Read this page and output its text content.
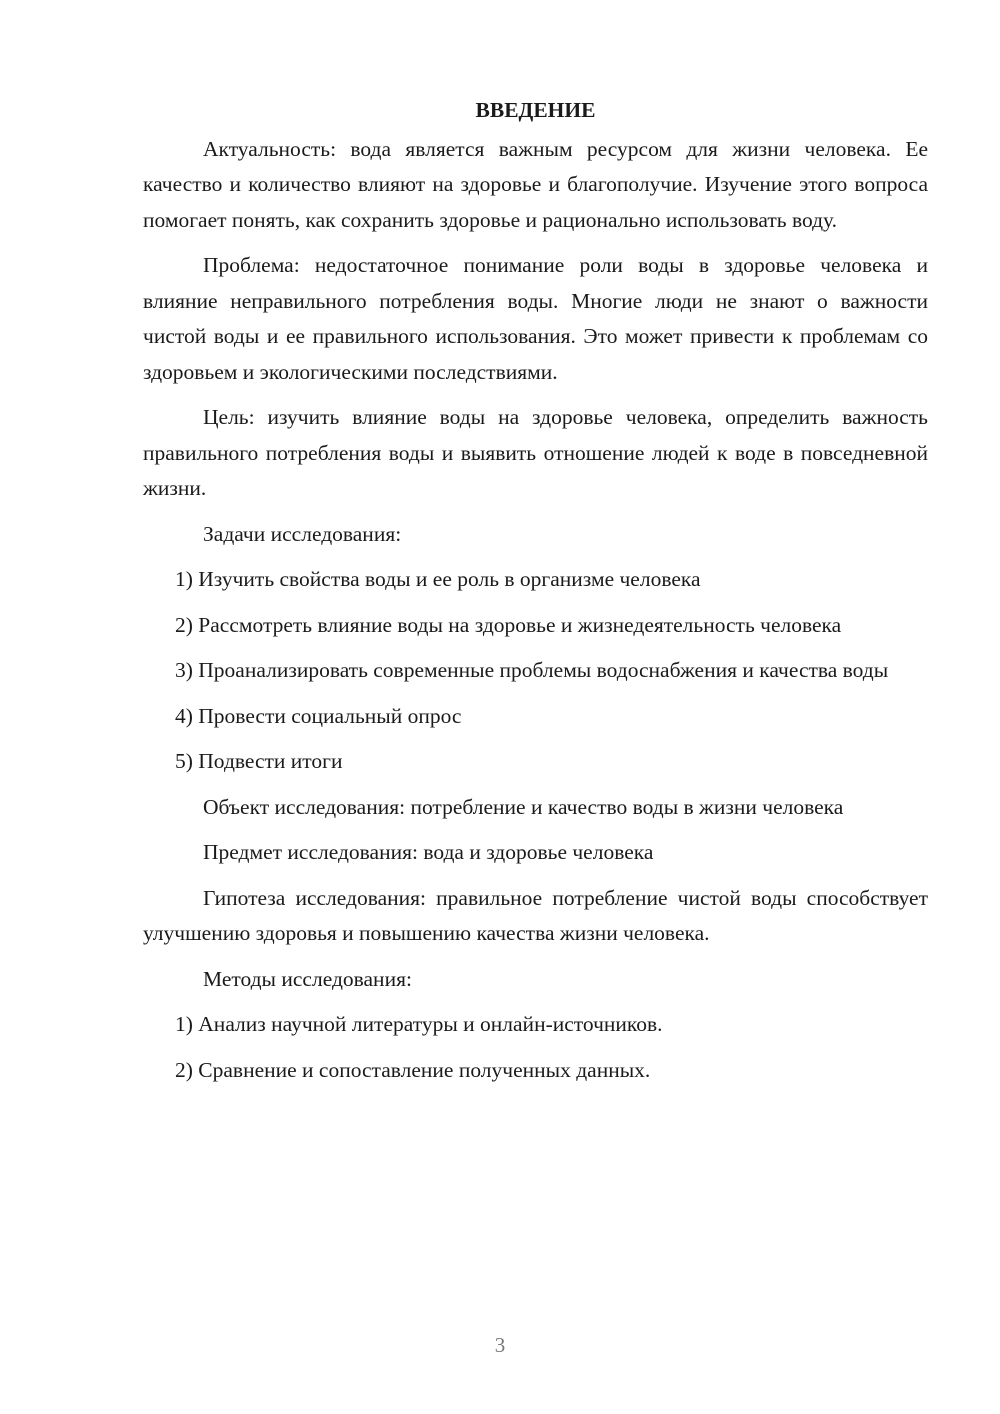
ВВЕДЕНИЕ

Актуальность: вода является важным ресурсом для жизни человека. Ее качество и количество влияют на здоровье и благополучие. Изучение этого вопроса помогает понять, как сохранить здоровье и рационально использовать воду.

Проблема: недостаточное понимание роли воды в здоровье человека и влияние неправильного потребления воды. Многие люди не знают о важности чистой воды и ее правильного использования. Это может привести к проблемам со здоровьем и экологическими последствиями.

Цель: изучить влияние воды на здоровье человека, определить важность правильного потребления воды и выявить отношение людей к воде в повседневной жизни.

Задачи исследования:

1) Изучить свойства воды и ее роль в организме человека

2) Рассмотреть влияние воды на здоровье и жизнедеятельность человека

3) Проанализировать современные проблемы водоснабжения и качества воды

4) Провести социальный опрос

5) Подвести итоги

Объект исследования: потребление и качество воды в жизни человека

Предмет исследования: вода и здоровье человека

Гипотеза исследования: правильное потребление чистой воды способствует улучшению здоровья и повышению качества жизни человека.

Методы исследования:

1) Анализ научной литературы и онлайн-источников.

2) Сравнение и сопоставление полученных данных.

3
